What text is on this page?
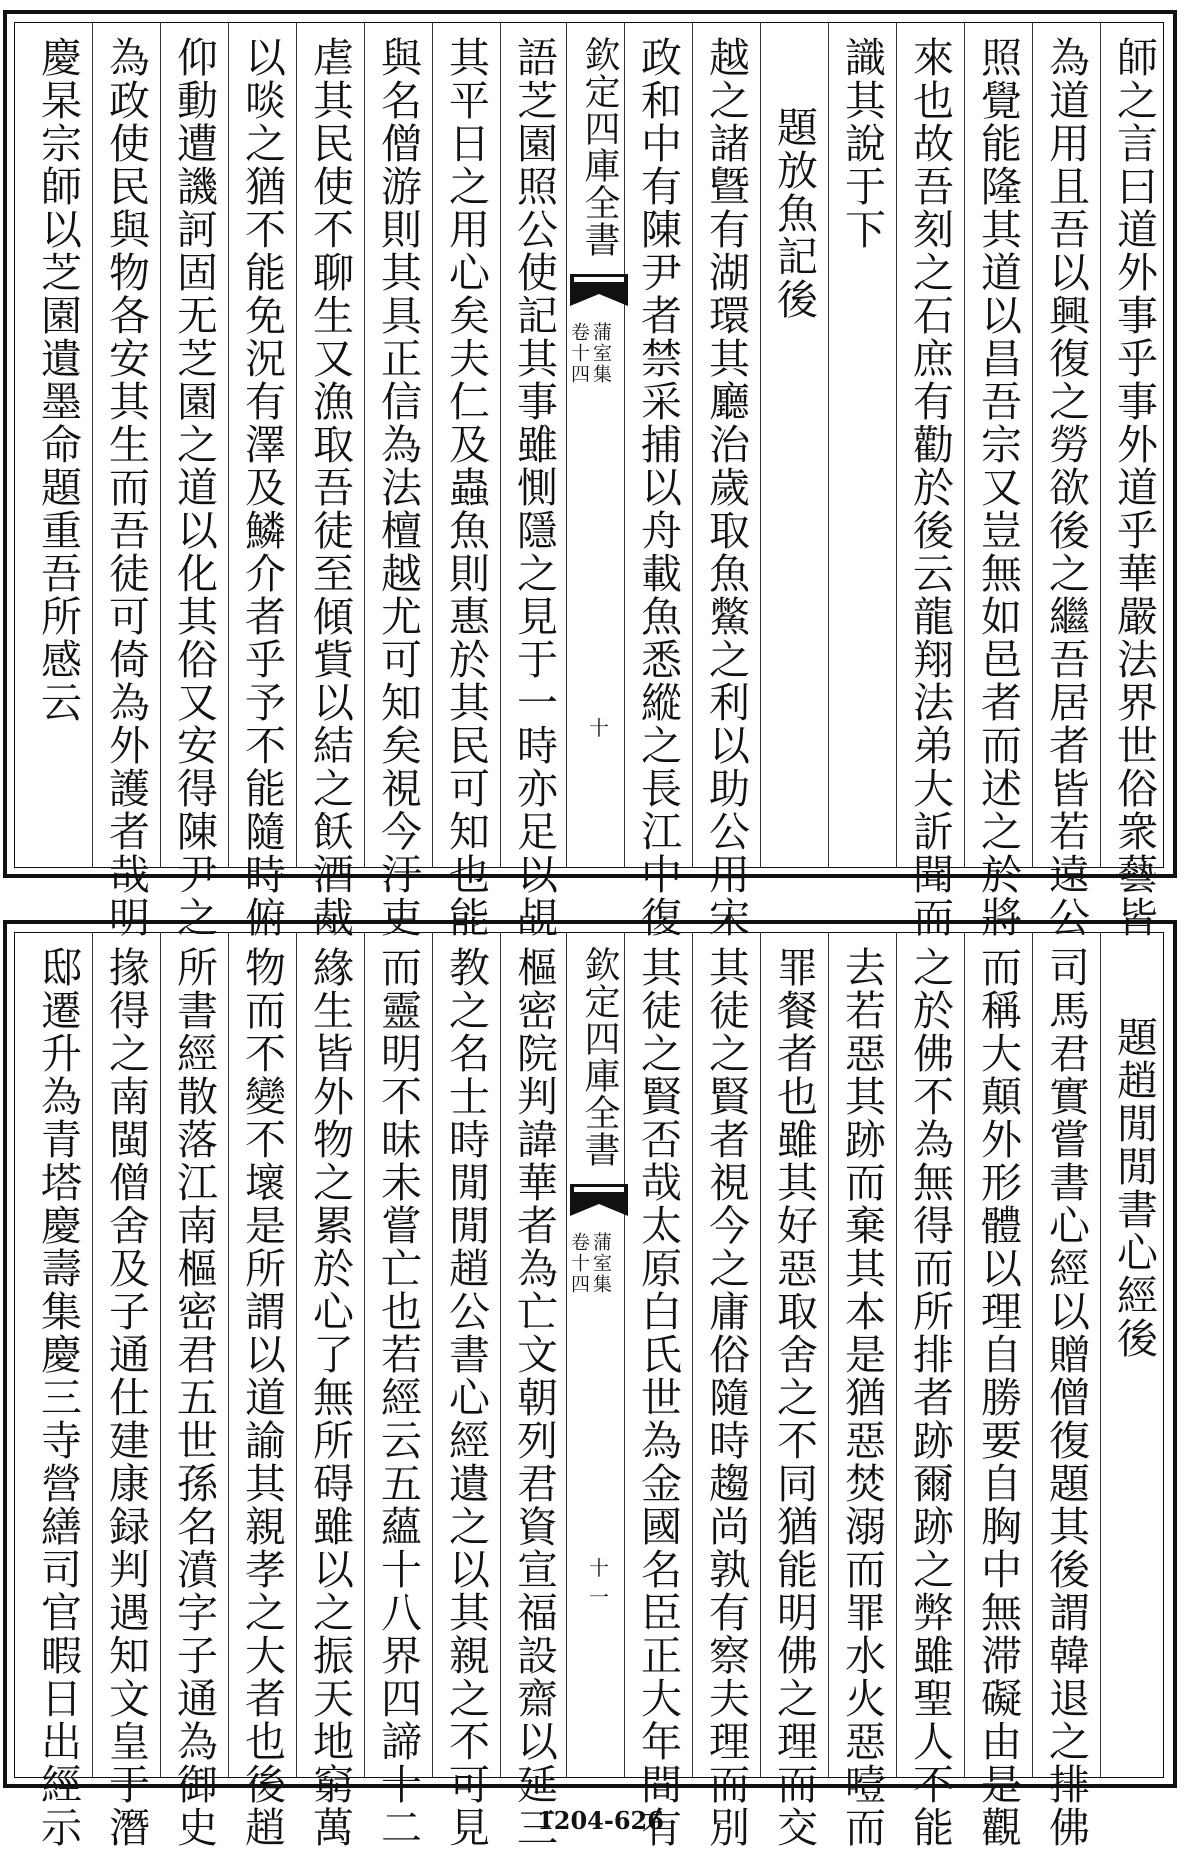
師之言曰道外事乎事外道乎華嚴法界世俗衆藝皆
為道用且吾以興復之勞欲後之繼吾居者皆若遠公
照覺能隆其道以昌吾宗又豈無如邑者而述之於將
來也故吾刻之石庶有勸於後云龍翔法弟大訢聞而
識其說于下
題放魚記後
越之諸曁有湖環其廳治歲取魚鱉之利以助公用宋
政和中有陳尹者禁采捕以舟載魚悉縱之長江中復
欽定四庫全書
蒲室集
卷十四
十
語芝園照公使記其事雖惻隱之見于一時亦足以覘
其平日之用心矣夫仁及蟲魚則惠於其民可知也能
與名僧游則其具正信為法檀越尤可知矣視今汙吏
虐其民使不聊生又漁取吾徒至傾貲以結之飫酒胾
以啖之猶不能免況有澤及鱗介者乎予不能隨時俯
仰動遭譏訶固无芝園之道以化其俗又安得陳尹之
為政使民與物各安其生而吾徒可倚為外護者哉明
慶杲宗師以芝園遺墨命題重吾所感云
題趙閒閒書心經後
司馬君實嘗書心經以贈僧復題其後謂韓退之排佛
而稱大顛外形體以理自勝要自胸中無滞礙由是觀
之於佛不為無得而所排者跡爾跡之弊雖聖人不能
去若惡其跡而棄其本是猶惡焚溺而罪水火惡噎而
罪餐者也雖其好惡取舍之不同猶能明佛之理而交
其徒之賢者視今之庸俗隨時趨尚孰有察夫理而別
其徒之賢否哉太原白氏世為金國名臣正大年間有
欽定四庫全書
蒲室集
卷十四
十一
樞密院判諱華者為亡文朝列君資宣福設齋以延三
教之名士時閒閒趙公書心經遺之以其親之不可見
而靈明不昧未嘗亡也若經云五蘊十八界四諦十二
緣生皆外物之累於心了無所碍雖以之振天地窮萬
物而不變不壞是所謂以道諭其親孝之大者也後趙
所書經散落江南樞密君五世孫名濆字子通為御史
掾得之南閩僧舍及子通仕建康録判遇知文皇于潛
邸遷升為青塔慶壽集慶三寺營繕司官暇日出經示	1204-626
